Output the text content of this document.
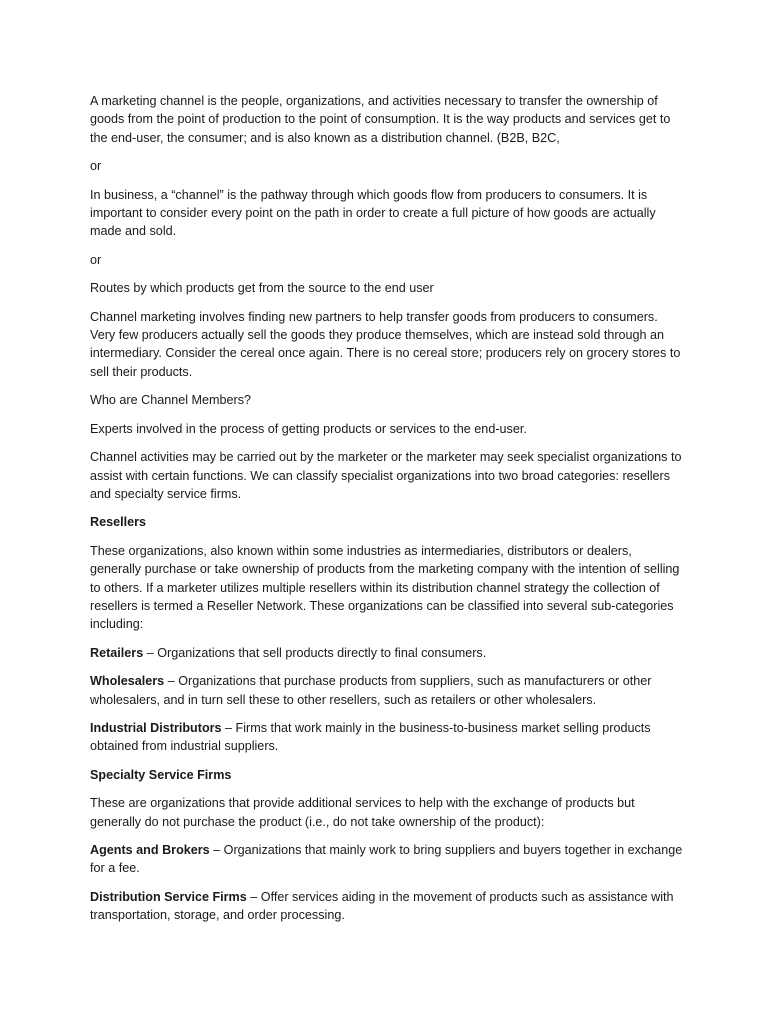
A marketing channel is the people, organizations, and activities necessary to transfer the ownership of goods from the point of production to the point of consumption. It is the way products and services get to the end-user, the consumer; and is also known as a distribution channel. (B2B, B2C,

or

In business, a “channel” is the pathway through which goods flow from producers to consumers. It is important to consider every point on the path in order to create a full picture of how goods are actually made and sold.

or

Routes by which products get from the source to the end user

Channel marketing involves finding new partners to help transfer goods from producers to consumers. Very few producers actually sell the goods they produce themselves, which are instead sold through an intermediary. Consider the cereal once again. There is no cereal store; producers rely on grocery stores to sell their products.

Who are Channel Members?

Experts involved in the process of getting products or services to the end-user.

Channel activities may be carried out by the marketer or the marketer may seek specialist organizations to assist with certain functions. We can classify specialist organizations into two broad categories: resellers and specialty service firms.

Resellers

These organizations, also known within some industries as intermediaries, distributors or dealers, generally purchase or take ownership of products from the marketing company with the intention of selling to others. If a marketer utilizes multiple resellers within its distribution channel strategy the collection of resellers is termed a Reseller Network. These organizations can be classified into several sub-categories including:

Retailers – Organizations that sell products directly to final consumers.

Wholesalers – Organizations that purchase products from suppliers, such as manufacturers or other wholesalers, and in turn sell these to other resellers, such as retailers or other wholesalers.

Industrial Distributors – Firms that work mainly in the business-to-business market selling products obtained from industrial suppliers.

Specialty Service Firms

These are organizations that provide additional services to help with the exchange of products but generally do not purchase the product (i.e., do not take ownership of the product):

Agents and Brokers – Organizations that mainly work to bring suppliers and buyers together in exchange for a fee.

Distribution Service Firms – Offer services aiding in the movement of products such as assistance with transportation, storage, and order processing.
